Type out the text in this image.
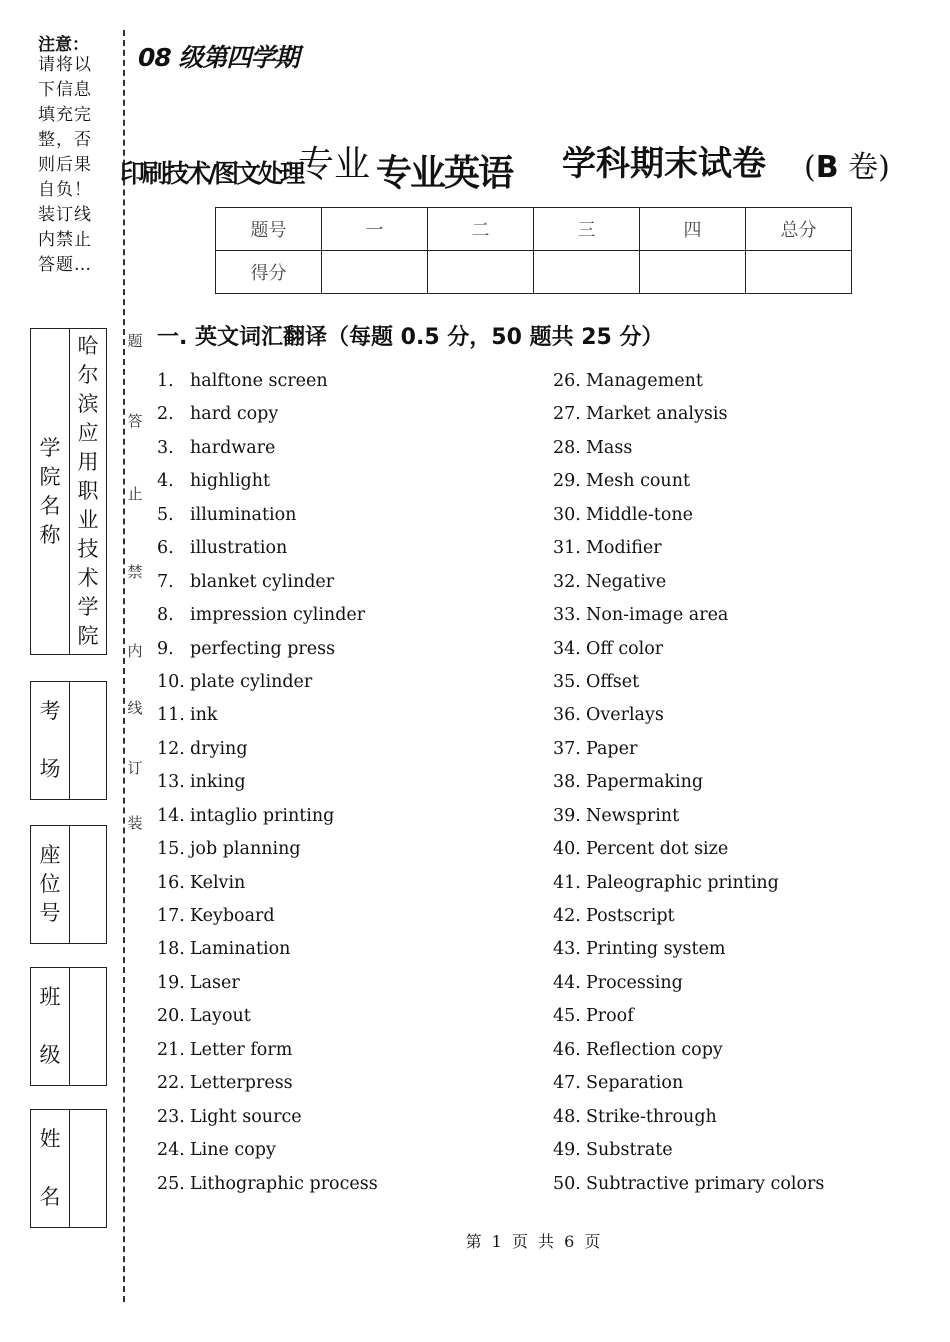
注意：
请将以下信息填充完整，否则后果自负！装订线内禁止答题…
题
答
止
禁
内
线
订
装
学
院
名
称
哈
尔
滨
应
用
职
业
技
术
学
院
考
场
座
位
号
班
级
姓
名
08 级第四学期
印刷技术/图文处理
专业 专业英语 学科期末试卷 (B 卷)
题号	一	二	三	四	总分
得分					
一. 英文词汇翻译（每题 0.5 分，50 题共 25 分）
1. halftone screen
2. hard copy
3. hardware
4. highlight
5. illumination
6. illustration
7. blanket cylinder
8. impression cylinder
9. perfecting press
10. plate cylinder
11. ink
12. drying
13. inking
14. intaglio printing
15. job planning
16. Kelvin
17. Keyboard
18. Lamination
19. Laser
20. Layout
21. Letter form
22. Letterpress
23. Light source
24. Line copy
25. Lithographic process
26. Management
27. Market analysis
28. Mass
29. Mesh count
30. Middle-tone
31. Modifier
32. Negative
33. Non-image area
34. Off color
35. Offset
36. Overlays
37. Paper
38. Papermaking
39. Newsprint
40. Percent dot size
41. Paleographic printing
42. Postscript
43. Printing system
44. Processing
45. Proof
46. Reflection copy
47. Separation
48. Strike-through
49. Substrate
50. Subtractive primary colors
第 1 页 共 6 页
